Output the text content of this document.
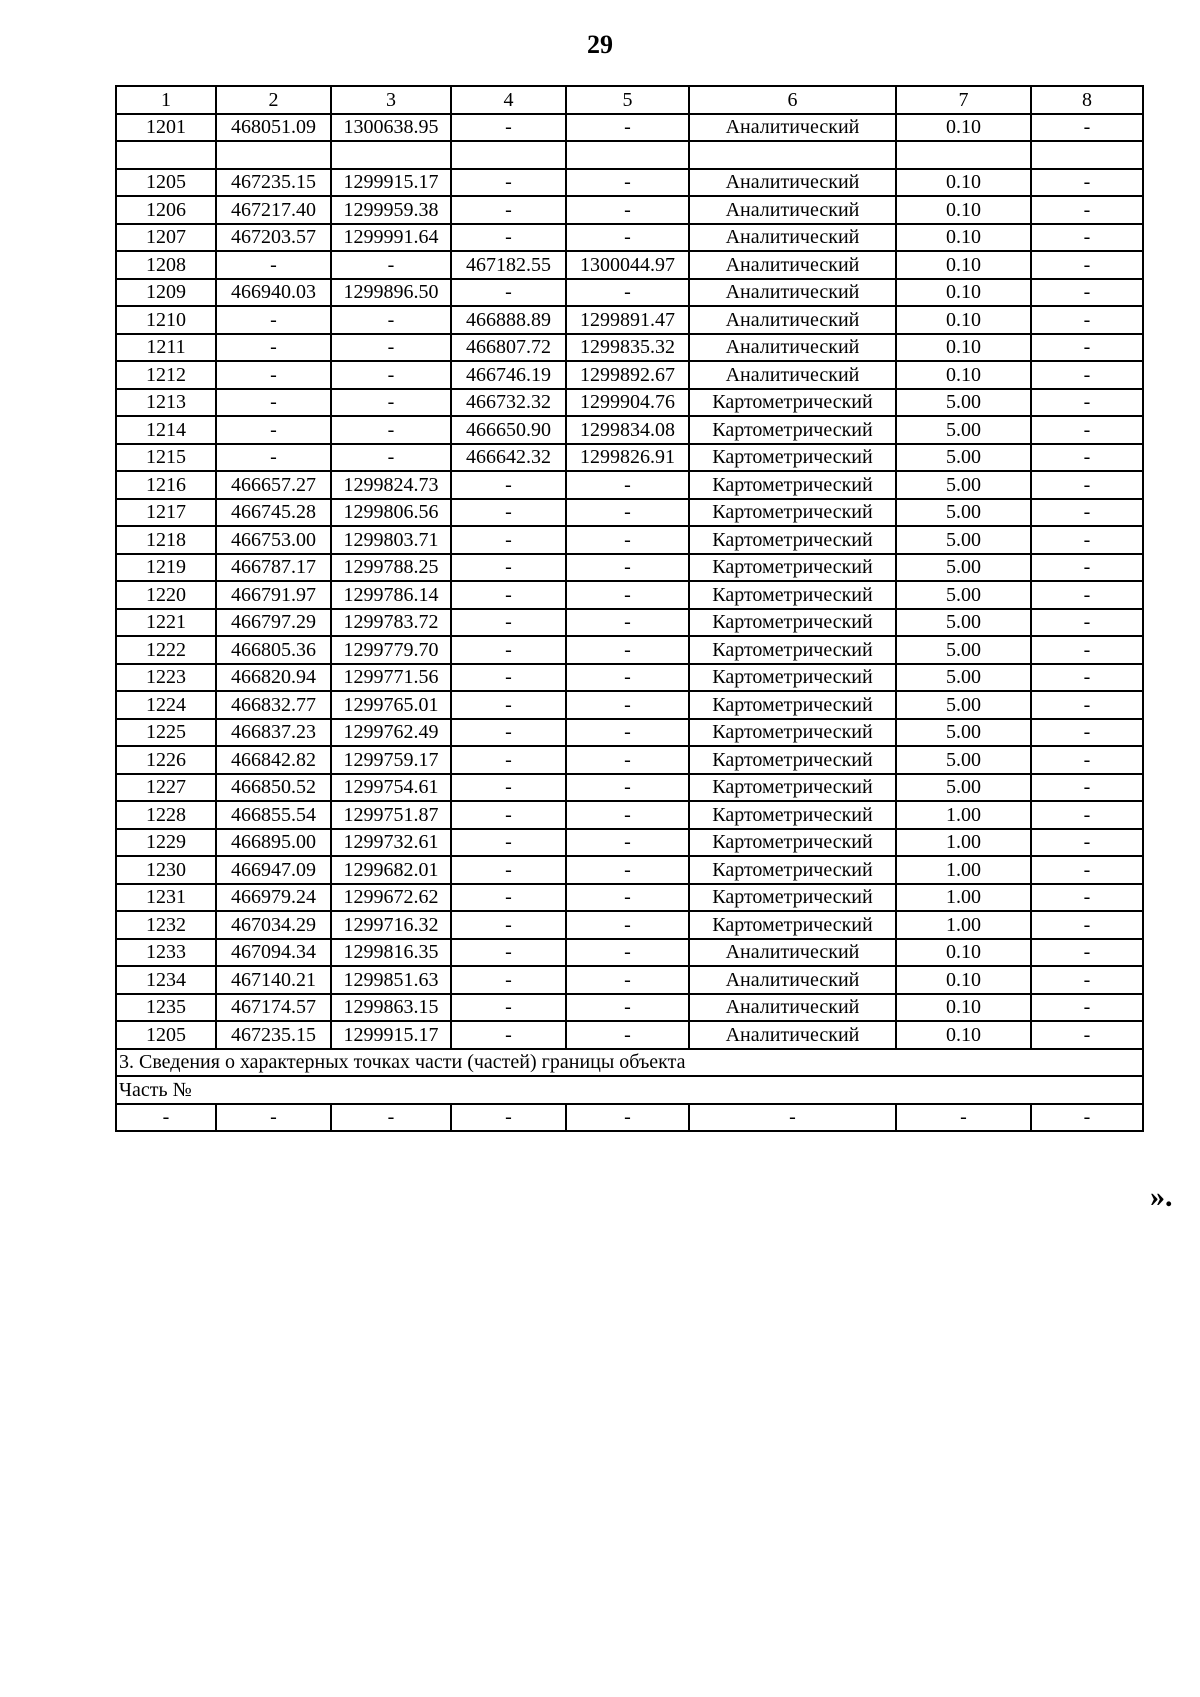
29
1	2	3	4	5	6	7	8
1201	468051.09	1300638.95	-	-	Аналитический	0.10	-

1205	467235.15	1299915.17	-	-	Аналитический	0.10	-
1206	467217.40	1299959.38	-	-	Аналитический	0.10	-
1207	467203.57	1299991.64	-	-	Аналитический	0.10	-
1208	-	-	467182.55	1300044.97	Аналитический	0.10	-
1209	466940.03	1299896.50	-	-	Аналитический	0.10	-
1210	-	-	466888.89	1299891.47	Аналитический	0.10	-
1211	-	-	466807.72	1299835.32	Аналитический	0.10	-
1212	-	-	466746.19	1299892.67	Аналитический	0.10	-
1213	-	-	466732.32	1299904.76	Картометрический	5.00	-
1214	-	-	466650.90	1299834.08	Картометрический	5.00	-
1215	-	-	466642.32	1299826.91	Картометрический	5.00	-
1216	466657.27	1299824.73	-	-	Картометрический	5.00	-
1217	466745.28	1299806.56	-	-	Картометрический	5.00	-
1218	466753.00	1299803.71	-	-	Картометрический	5.00	-
1219	466787.17	1299788.25	-	-	Картометрический	5.00	-
1220	466791.97	1299786.14	-	-	Картометрический	5.00	-
1221	466797.29	1299783.72	-	-	Картометрический	5.00	-
1222	466805.36	1299779.70	-	-	Картометрический	5.00	-
1223	466820.94	1299771.56	-	-	Картометрический	5.00	-
1224	466832.77	1299765.01	-	-	Картометрический	5.00	-
1225	466837.23	1299762.49	-	-	Картометрический	5.00	-
1226	466842.82	1299759.17	-	-	Картометрический	5.00	-
1227	466850.52	1299754.61	-	-	Картометрический	5.00	-
1228	466855.54	1299751.87	-	-	Картометрический	1.00	-
1229	466895.00	1299732.61	-	-	Картометрический	1.00	-
1230	466947.09	1299682.01	-	-	Картометрический	1.00	-
1231	466979.24	1299672.62	-	-	Картометрический	1.00	-
1232	467034.29	1299716.32	-	-	Картометрический	1.00	-
1233	467094.34	1299816.35	-	-	Аналитический	0.10	-
1234	467140.21	1299851.63	-	-	Аналитический	0.10	-
1235	467174.57	1299863.15	-	-	Аналитический	0.10	-
1205	467235.15	1299915.17	-	-	Аналитический	0.10	-
3. Сведения о характерных точках части (частей) границы объекта							
Часть №							
-	-	-	-	-	-	-	-
».
